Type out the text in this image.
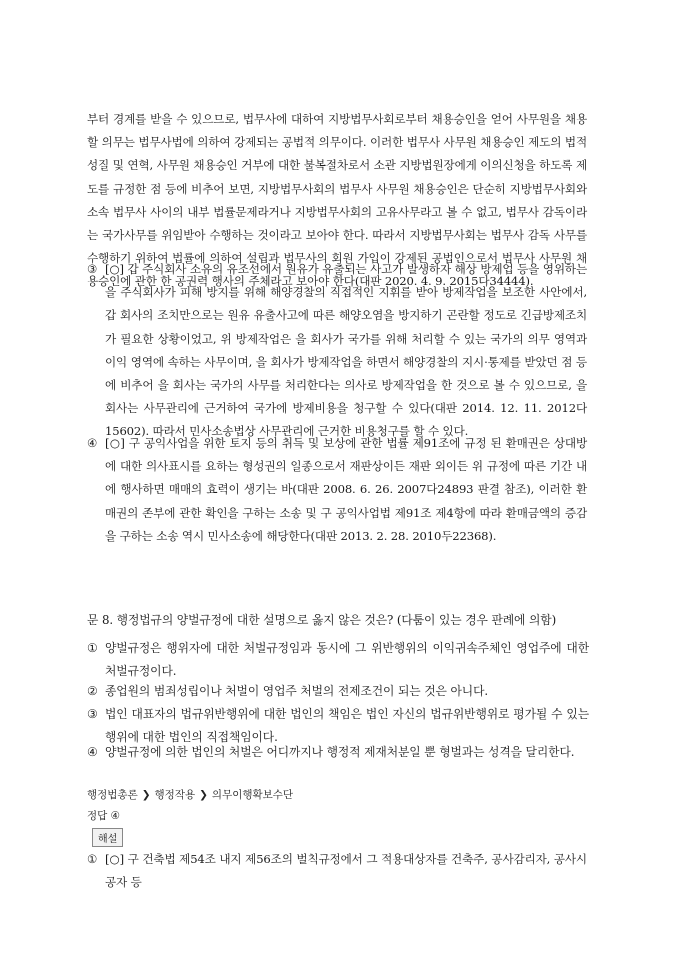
부터 경계를 받을 수 있으므로, 법무사에 대하여 지방법무사회로부터 채용승인을 얻어 사무원을 채용할 의무는 법무사법에 의하여 강제되는 공법적 의무이다. 이러한 법무사 사무원 채용승인 제도의 법적 성질 및 연혁, 사무원 채용승인 거부에 대한 불복절차로서 소관 지방법원장에게 이의신청을 하도록 제도를 규정한 점 등에 비추어 보면, 지방법무사회의 법무사 사무원 채용승인은 단순히 지방법무사회와 소속 법무사 사이의 내부 법률문제라거나 지방법무사회의 고유사무라고 볼 수 없고, 법무사 감독이라는 국가사무를 위임받아 수행하는 것이라고 보아야 한다. 따라서 지방법무사회는 법무사 감독 사무를 수행하기 위하여 법률에 의하여 설립과 법무사의 회원 가입이 강제된 공법인으로서 법무사 사무원 채용승인에 관한 한 공권력 행사의 주체라고 보아야 한다(대판 2020. 4. 9. 2015다34444).
③ [○] 갑 주식회사 소유의 유조선에서 원유가 유출되는 사고가 발생하자 해상 방제업 등을 영위하는 을 주식회사가 피해 방지를 위해 해양경찰의 직접적인 지휘를 받아 방제작업을 보조한 사안에서, 갑 회사의 조치만으로는 원유 유출사고에 따른 해양오염을 방지하기 곤란할 정도로 긴급방제조치가 필요한 상황이었고, 위 방제작업은 을 회사가 국가를 위해 처리할 수 있는 국가의 의무 영역과 이익 영역에 속하는 사무이며, 을 회사가 방제작업을 하면서 해양경찰의 지시·통제를 받았던 점 등에 비추어 을 회사는 국가의 사무를 처리한다는 의사로 방제작업을 한 것으로 볼 수 있으므로, 을 회사는 사무관리에 근거하여 국가에 방제비용을 청구할 수 있다(대판 2014. 12. 11. 2012다15602). 따라서 민사소송법상 사무관리에 근거한 비용청구를 할 수 있다.
④ [○] 구 공익사업을 위한 토지 등의 취득 및 보상에 관한 법률 제91조에 규정 된 환매권은 상대방에 대한 의사표시를 요하는 형성권의 일종으로서 재판상이든 재판 외이든 위 규정에 따른 기간 내에 행사하면 매매의 효력이 생기는 바(대판 2008. 6. 26. 2007다24893 판결 참조), 이러한 환매권의 존부에 관한 확인을 구하는 소송 및 구 공익사업법 제91조 제4항에 따라 환매금액의 증감을 구하는 소송 역시 민사소송에 해당한다(대판 2013. 2. 28. 2010두22368).
문 8. 행정법규의 양벌규정에 대한 설명으로 옳지 않은 것은? (다툼이 있는 경우 판례에 의함)
① 양벌규정은 행위자에 대한 처벌규정임과 동시에 그 위반행위의 이익귀속주체인 영업주에 대한 처벌규정이다.
② 종업원의 범죄성립이나 처벌이 영업주 처벌의 전제조건이 되는 것은 아니다.
③ 법인 대표자의 법규위반행위에 대한 법인의 책임은 법인 자신의 법규위반행위로 평가될 수 있는 행위에 대한 법인의 직접책임이다.
④ 양벌규정에 의한 법인의 처벌은 어디까지나 행정적 제재처분일 뿐 형벌과는 성격을 달리한다.
행정법총론 ❯ 행정작용 ❯ 의무이행확보수단
정답 ④
해설
① [○] 구 건축법 제54조 내지 제56조의 벌칙규정에서 그 적용대상자를 건축주, 공사감리자, 공사시공자 등
